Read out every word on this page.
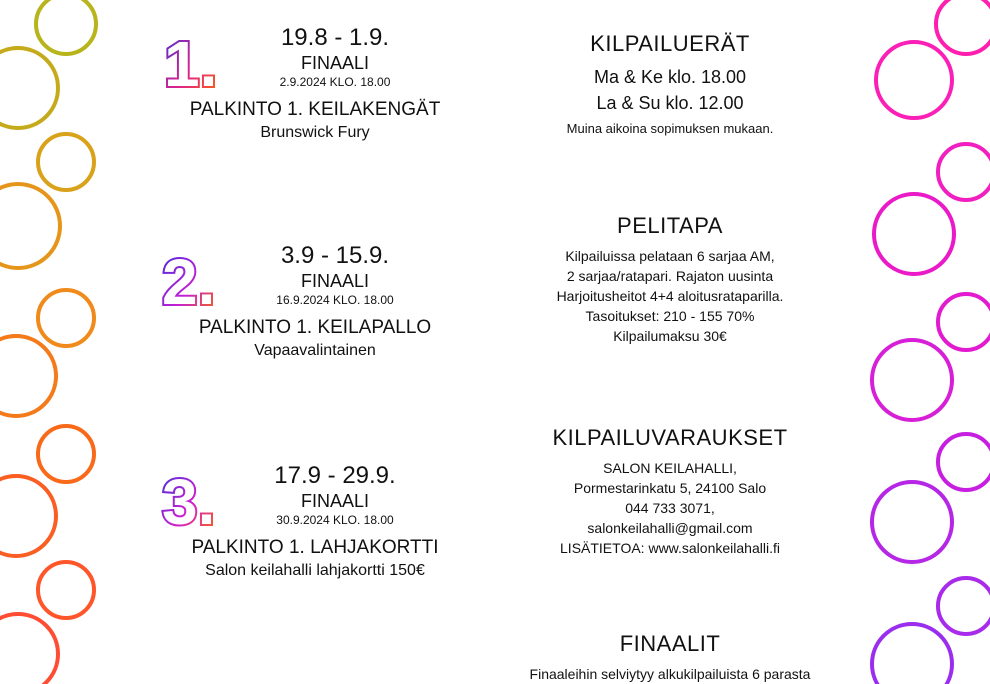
1.	19.8 - 1.9.
FINAALI
2.9.2024 KLO. 18.00
PALKINTO 1. KEILAKENGÄT
Brunswick Fury
2.	3.9 - 15.9.
FINAALI
16.9.2024 KLO. 18.00
PALKINTO 1. KEILAPALLO
Vapaavalintainen
3. 17.9 - 29.9.
FINAALI
30.9.2024 KLO. 18.00
PALKINTO 1. LAHJAKORTTI
Salon keilahalli lahjakortti 150€
KILPAILUERÄT
Ma & Ke klo. 18.00
La & Su klo. 12.00
Muina aikoina sopimuksen mukaan.
PELITAPA
Kilpailuissa pelataan 6 sarjaa AM,
2 sarjaa/ratapari. Rajaton uusinta
Harjoitusheitot 4+4 aloitusrataparilla.
Tasoitukset: 210 - 155 70%
Kilpailumaksu 30€
KILPAILUVARAUKSET
SALON KEILAHALLI,
Pormestarinkatu 5, 24100 Salo
044 733 3071,
salonkeilahalli@gmail.com
LISÄTIETOA: www.salonkeilahalli.fi
FINAALIT
Finaaleihin selviytyy alkukilpailuista 6 parasta
